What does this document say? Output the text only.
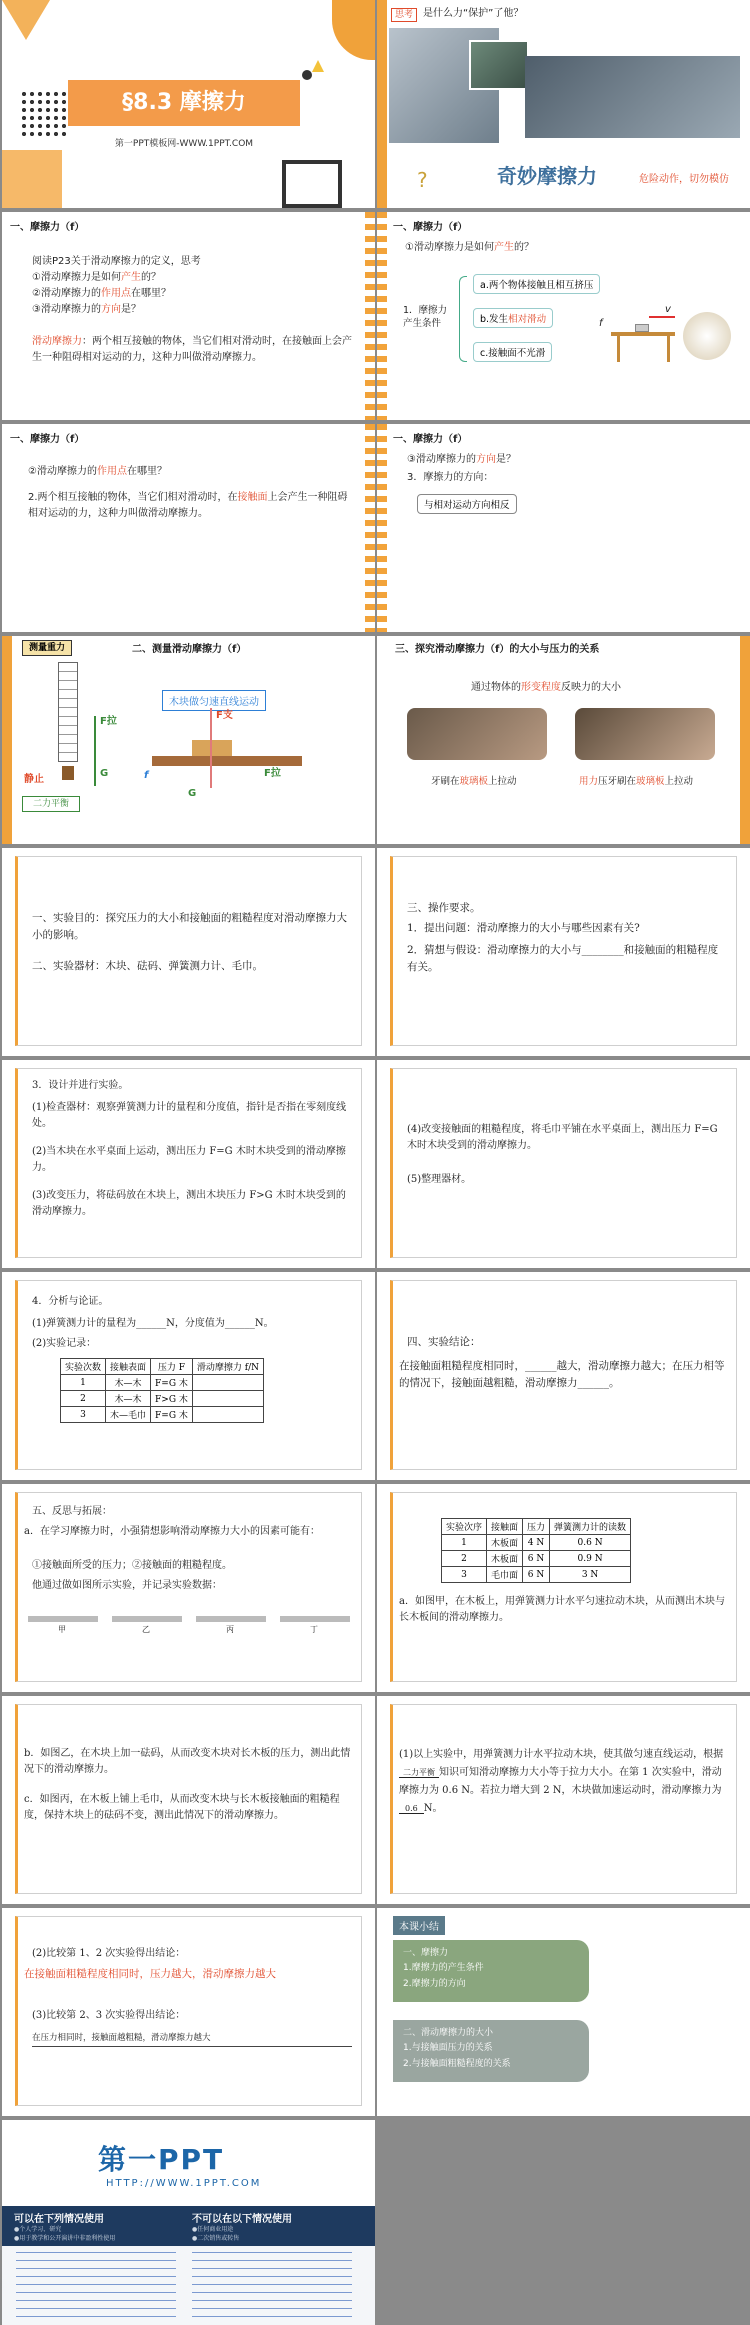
§8.3 摩擦力
第一PPT模板网-WWW.1PPT.COM
思考	是什么力“保护”了他？
?	奇妙摩擦力	危险动作，切勿模仿
一、摩擦力（f）
阅读P23关于滑动摩擦力的定义，思考
①滑动摩擦力是如何产生的？
②滑动摩擦力的作用点在哪里？
③滑动摩擦力的方向是？
滑动摩擦力：两个相互接触的物体，当它们相对滑动时，在接触面上会产生一种阻碍相对运动的力，这种力叫做滑动摩擦力。
一、摩擦力（f）
①滑动摩擦力是如何产生的？
1．摩擦力产生条件
a.两个物体接触且相互挤压
b.发生相对滑动
c.接触面不光滑
v
f
一、摩擦力（f）
②滑动摩擦力的作用点在哪里？
2.两个相互接触的物体，当它们相对滑动时，在接触面上会产生一种阻碍相对运动的力，这种力叫做滑动摩擦力。
一、摩擦力（f）
③滑动摩擦力的方向是？
3．摩擦力的方向：
与相对运动方向相反
测量重力
F拉
G
静止
二力平衡
二、测量滑动摩擦力（f）
木块做匀速直线运动
F支
F拉
f
G
三、探究滑动摩擦力（f）的大小与压力的关系
通过物体的形变程度反映力的大小
牙刷在玻璃板上拉动	用力压牙刷在玻璃板上拉动
一、实验目的：探究压力的大小和接触面的粗糙程度对滑动摩擦力大小的影响。
二、实验器材：木块、砝码、弹簧测力计、毛巾。
三、操作要求。
1．提出问题：滑动摩擦力的大小与哪些因素有关?
2．猜想与假设：滑动摩擦力的大小与________和接触面的粗糙程度有关。
3．设计并进行实验。
(1)检查器材：观察弹簧测力计的量程和分度值，指针是否指在零刻度线处。
(2)当木块在水平桌面上运动，测出压力 F=G 木时木块受到的滑动摩擦力。
(3)改变压力，将砝码放在木块上，测出木块压力 F>G 木时木块受到的滑动摩擦力。
(4)改变接触面的粗糙程度，将毛巾平铺在水平桌面上，测出压力 F=G 木时木块受到的滑动摩擦力。
(5)整理器材。
4．分析与论证。
(1)弹簧测力计的量程为______N，分度值为______N。
(2)实验记录：
实验次数	接触表面	压力 F	滑动摩擦力 f/N
1	木—木	F=G 木	
2	木—木	F>G 木	
3	木—毛巾	F=G 木	
四、实验结论：
在接触面粗糙程度相同时，______越大，滑动摩擦力越大；在压力相等的情况下，接触面越粗糙，滑动摩擦力______。
五、反思与拓展：
a．在学习摩擦力时，小强猜想影响滑动摩擦力大小的因素可能有：
①接触面所受的压力；②接触面的粗糙程度。
他通过做如图所示实验，并记录实验数据：
甲	乙	丙	丁
实验次序	接触面	压力	弹簧测力计的读数
1	木板面	4 N	0.6 N
2	木板面	6 N	0.9 N
3	毛巾面	6 N	3 N
a．如图甲，在木板上，用弹簧测力计水平匀速拉动木块，从而测出木块与长木板间的滑动摩擦力。
b．如图乙，在木块上加一砝码，从而改变木块对长木板的压力，测出此情况下的滑动摩擦力。
c．如图丙，在木板上铺上毛巾，从而改变木块与长木板接触面的粗糙程度，保持木块上的砝码不变，测出此情况下的滑动摩擦力。
(1)以上实验中，用弹簧测力计水平拉动木块，使其做匀速直线运动，根据二力平衡 知识可知滑动摩擦力大小等于拉力大小。在第 1 次实验中，滑动摩擦力为 0.6 N。若拉力增大到 2 N，木块做加速运动时，滑动摩擦力为0.6 N。
(2)比较第 1、2 次实验得出结论：
在接触面粗糙程度相同时，压力越大，滑动摩擦力越大
(3)比较第 2、3 次实验得出结论：
在压力相同时，接触面越粗糙，滑动摩擦力越大
本课小结
一、摩擦力
1.摩擦力的产生条件
2.摩擦力的方向
二、滑动摩擦力的大小
1.与接触面压力的关系
2.与接触面粗糙程度的关系
第一PPT
HTTP://WWW.1PPT.COM
可以在下列情况使用	不可以在以下情况使用
●个人学习、研究
●用于教学和公开演讲中非盈利性使用
●任何商业用途
●二次销售或转售
